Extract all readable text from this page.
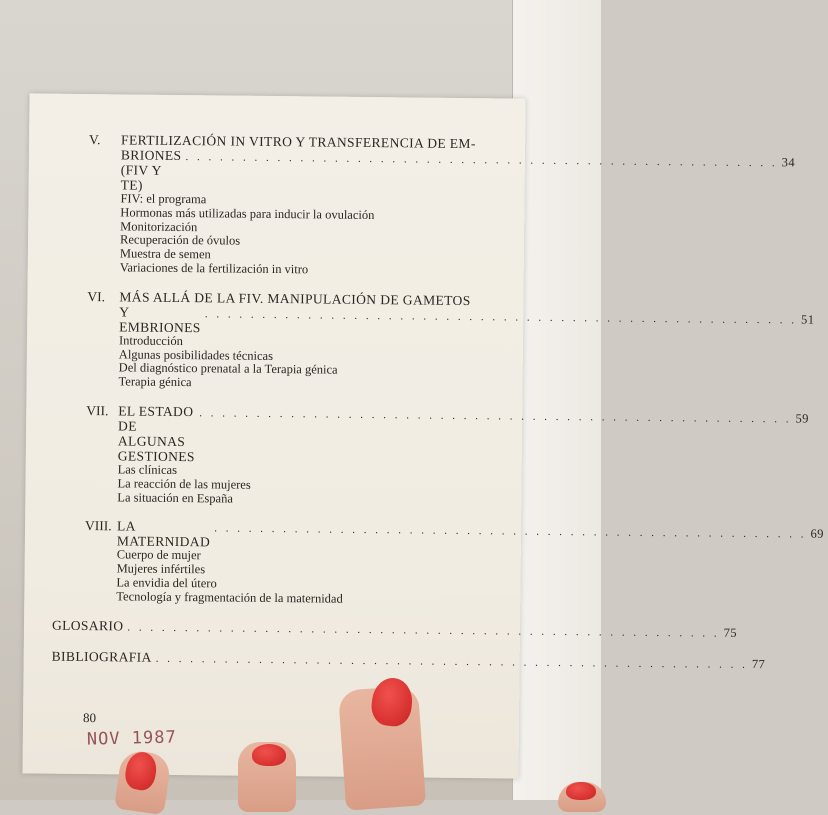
V.	FERTILIZACIÓN IN VITRO Y TRANSFERENCIA DE EM-
BRIONES (FIV Y TE)
. . . . . . . . . . . . . . . . . . . . . . . . . . . . . . . . . . . . . . . . . . . . . . . . . . . . 34
FIV: el programa
Hormonas más utilizadas para inducir la ovulación
Monitorización
Recuperación de óvulos
Muestra de semen
Variaciones de la fertilización in vitro
VI.	MÁS ALLÁ DE LA FIV. MANIPULACIÓN DE GAMETOS
Y EMBRIONES
. . . . . . . . . . . . . . . . . . . . . . . . . . . . . . . . . . . . . . . . . . . . . . . . . . . . 51
Introducción
Algunas posibilidades técnicas
Del diagnóstico prenatal a la Terapia génica
Terapia génica
VII. EL ESTADO DE ALGUNAS GESTIONES
. . . . . . . . . . . . . . . . . . . . . . . . . . . . . . . . . . . . . . . . . . . . . . . . . . . . 59
Las clínicas
La reacción de las mujeres
La situación en España
VIII. LA MATERNIDAD
. . . . . . . . . . . . . . . . . . . . . . . . . . . . . . . . . . . . . . . . . . . . . . . . . . . . 69
Cuerpo de mujer
Mujeres infértiles
La envidia del útero
Tecnología y fragmentación de la maternidad
GLOSARIO . . . . . . . . . . . . . . . . . . . . . . . . . . . . . . . . . . . . . . . . . . . . . . . . . . . . 75
BIBLIOGRAFIA . . . . . . . . . . . . . . . . . . . . . . . . . . . . . . . . . . . . . . . . . . . . . . . . . . . . 77
80
NOV 1987
